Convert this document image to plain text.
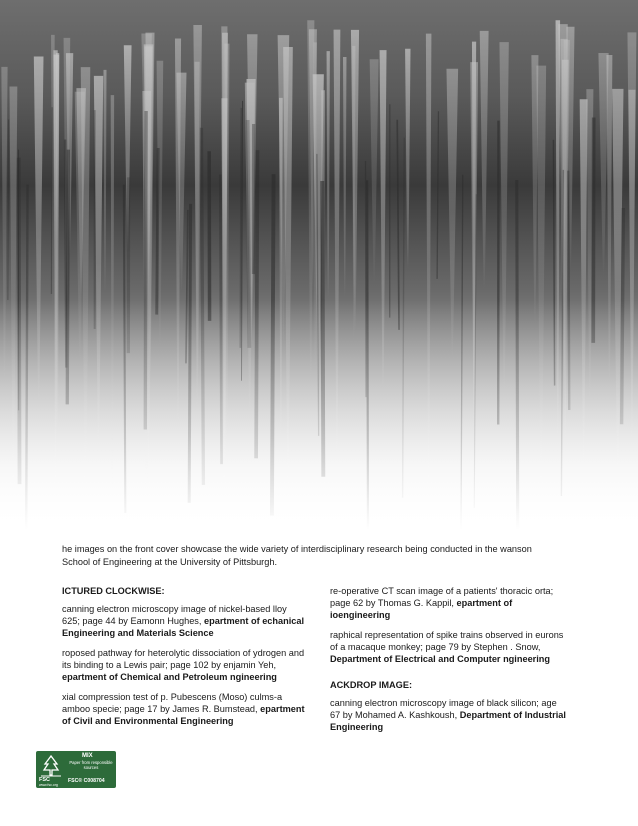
he images on the front cover showcase the wide variety of interdisciplinary research being conducted in the wanson School of Engineering at the University of Pittsburgh.

ICTURED CLOCKWISE:
canning electron microscopy image of nickel-based lloy 625; page 44 by Eamonn Hughes, epartment of echanical Engineering and Materials Science
roposed pathway for heterolytic dissociation of ydrogen and its binding to a Lewis pair; page 102 by enjamin Yeh, epartment of Chemical and Petroleum ngineering
xial compression test of p. Pubescens (Moso) culms-a amboo specie; page 17 by James R. Bumstead, epartment of Civil and Environmental Engineering
re-operative CT scan image of a patients' thoracic orta; page 62 by Thomas G. Kappil, epartment of ioengineering
raphical representation of spike trains observed in eurons of a macaque monkey; page 79 by Stephen . Snow, Department of Electrical and Computer ngineering
ACKDROP IMAGE:
canning electron microscopy image of black silicon; age 67 by Mohamed A. Kashkoush, Department of Industrial Engineering
FSC
MIX
Paper from responsible sources
FSC® C008704
www.fsc.org
